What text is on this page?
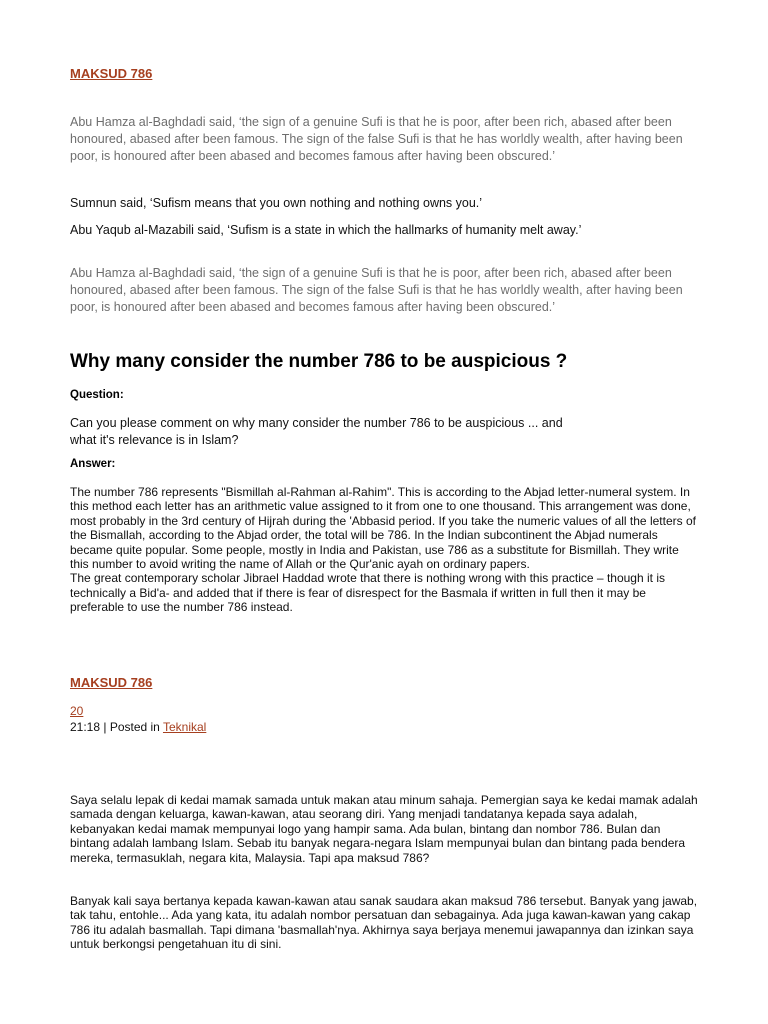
MAKSUD 786
Abu Hamza al-Baghdadi said, ‘the sign of a genuine Sufi is that he is poor, after been rich, abased after been honoured, abased after been famous. The sign of the false Sufi is that he has worldly wealth, after having been poor, is honoured after been abased and becomes famous after having been obscured.’
Sumnun said, ‘Sufism means that you own nothing and nothing owns you.’
Abu Yaqub al-Mazabili said, ‘Sufism is a state in which the hallmarks of humanity melt away.’
Abu Hamza al-Baghdadi said, ‘the sign of a genuine Sufi is that he is poor, after been rich, abased after been honoured, abased after been famous. The sign of the false Sufi is that he has worldly wealth, after having been poor, is honoured after been abased and becomes famous after having been obscured.’
Why many consider the number 786 to be auspicious ?
Question:
Can you please comment on why many consider the number 786 to be auspicious ... and
what it's relevance is in Islam?
Answer:
The number 786 represents "Bismillah al-Rahman al-Rahim". This is according to the Abjad letter-numeral system. In this method each letter has an arithmetic value assigned to it from one to one thousand. This arrangement was done, most probably in the 3rd century of Hijrah during the 'Abbasid period. If you take the numeric values of all the letters of the Bismallah, according to the Abjad order, the total will be 786. In the Indian subcontinent the Abjad numerals became quite popular. Some people, mostly in India and Pakistan, use 786 as a substitute for Bismillah. They write this number to avoid writing the name of Allah or the Qur'anic ayah on ordinary papers.
The great contemporary scholar Jibrael Haddad wrote that there is nothing wrong with this practice – though it is technically a Bid'a- and added that if there is fear of disrespect for the Basmala if written in full then it may be preferable to use the number 786 instead.
MAKSUD 786
20
21:18 | Posted in Teknikal
Saya selalu lepak di kedai mamak samada untuk makan atau minum sahaja. Pemergian saya ke kedai mamak adalah samada dengan keluarga, kawan-kawan, atau seorang diri. Yang menjadi tandatanya kepada saya adalah, kebanyakan kedai mamak mempunyai logo yang hampir sama. Ada bulan, bintang dan nombor 786. Bulan dan bintang adalah lambang Islam. Sebab itu banyak negara-negara Islam mempunyai bulan dan bintang pada bendera mereka, termasuklah, negara kita, Malaysia. Tapi apa maksud 786?
Banyak kali saya bertanya kepada kawan-kawan atau sanak saudara akan maksud 786 tersebut. Banyak yang jawab, tak tahu, entohle... Ada yang kata, itu adalah nombor persatuan dan sebagainya. Ada juga kawan-kawan yang cakap 786 itu adalah basmallah. Tapi dimana 'basmallah'nya. Akhirnya saya berjaya menemui jawapannya dan izinkan saya untuk berkongsi pengetahuan itu di sini.
